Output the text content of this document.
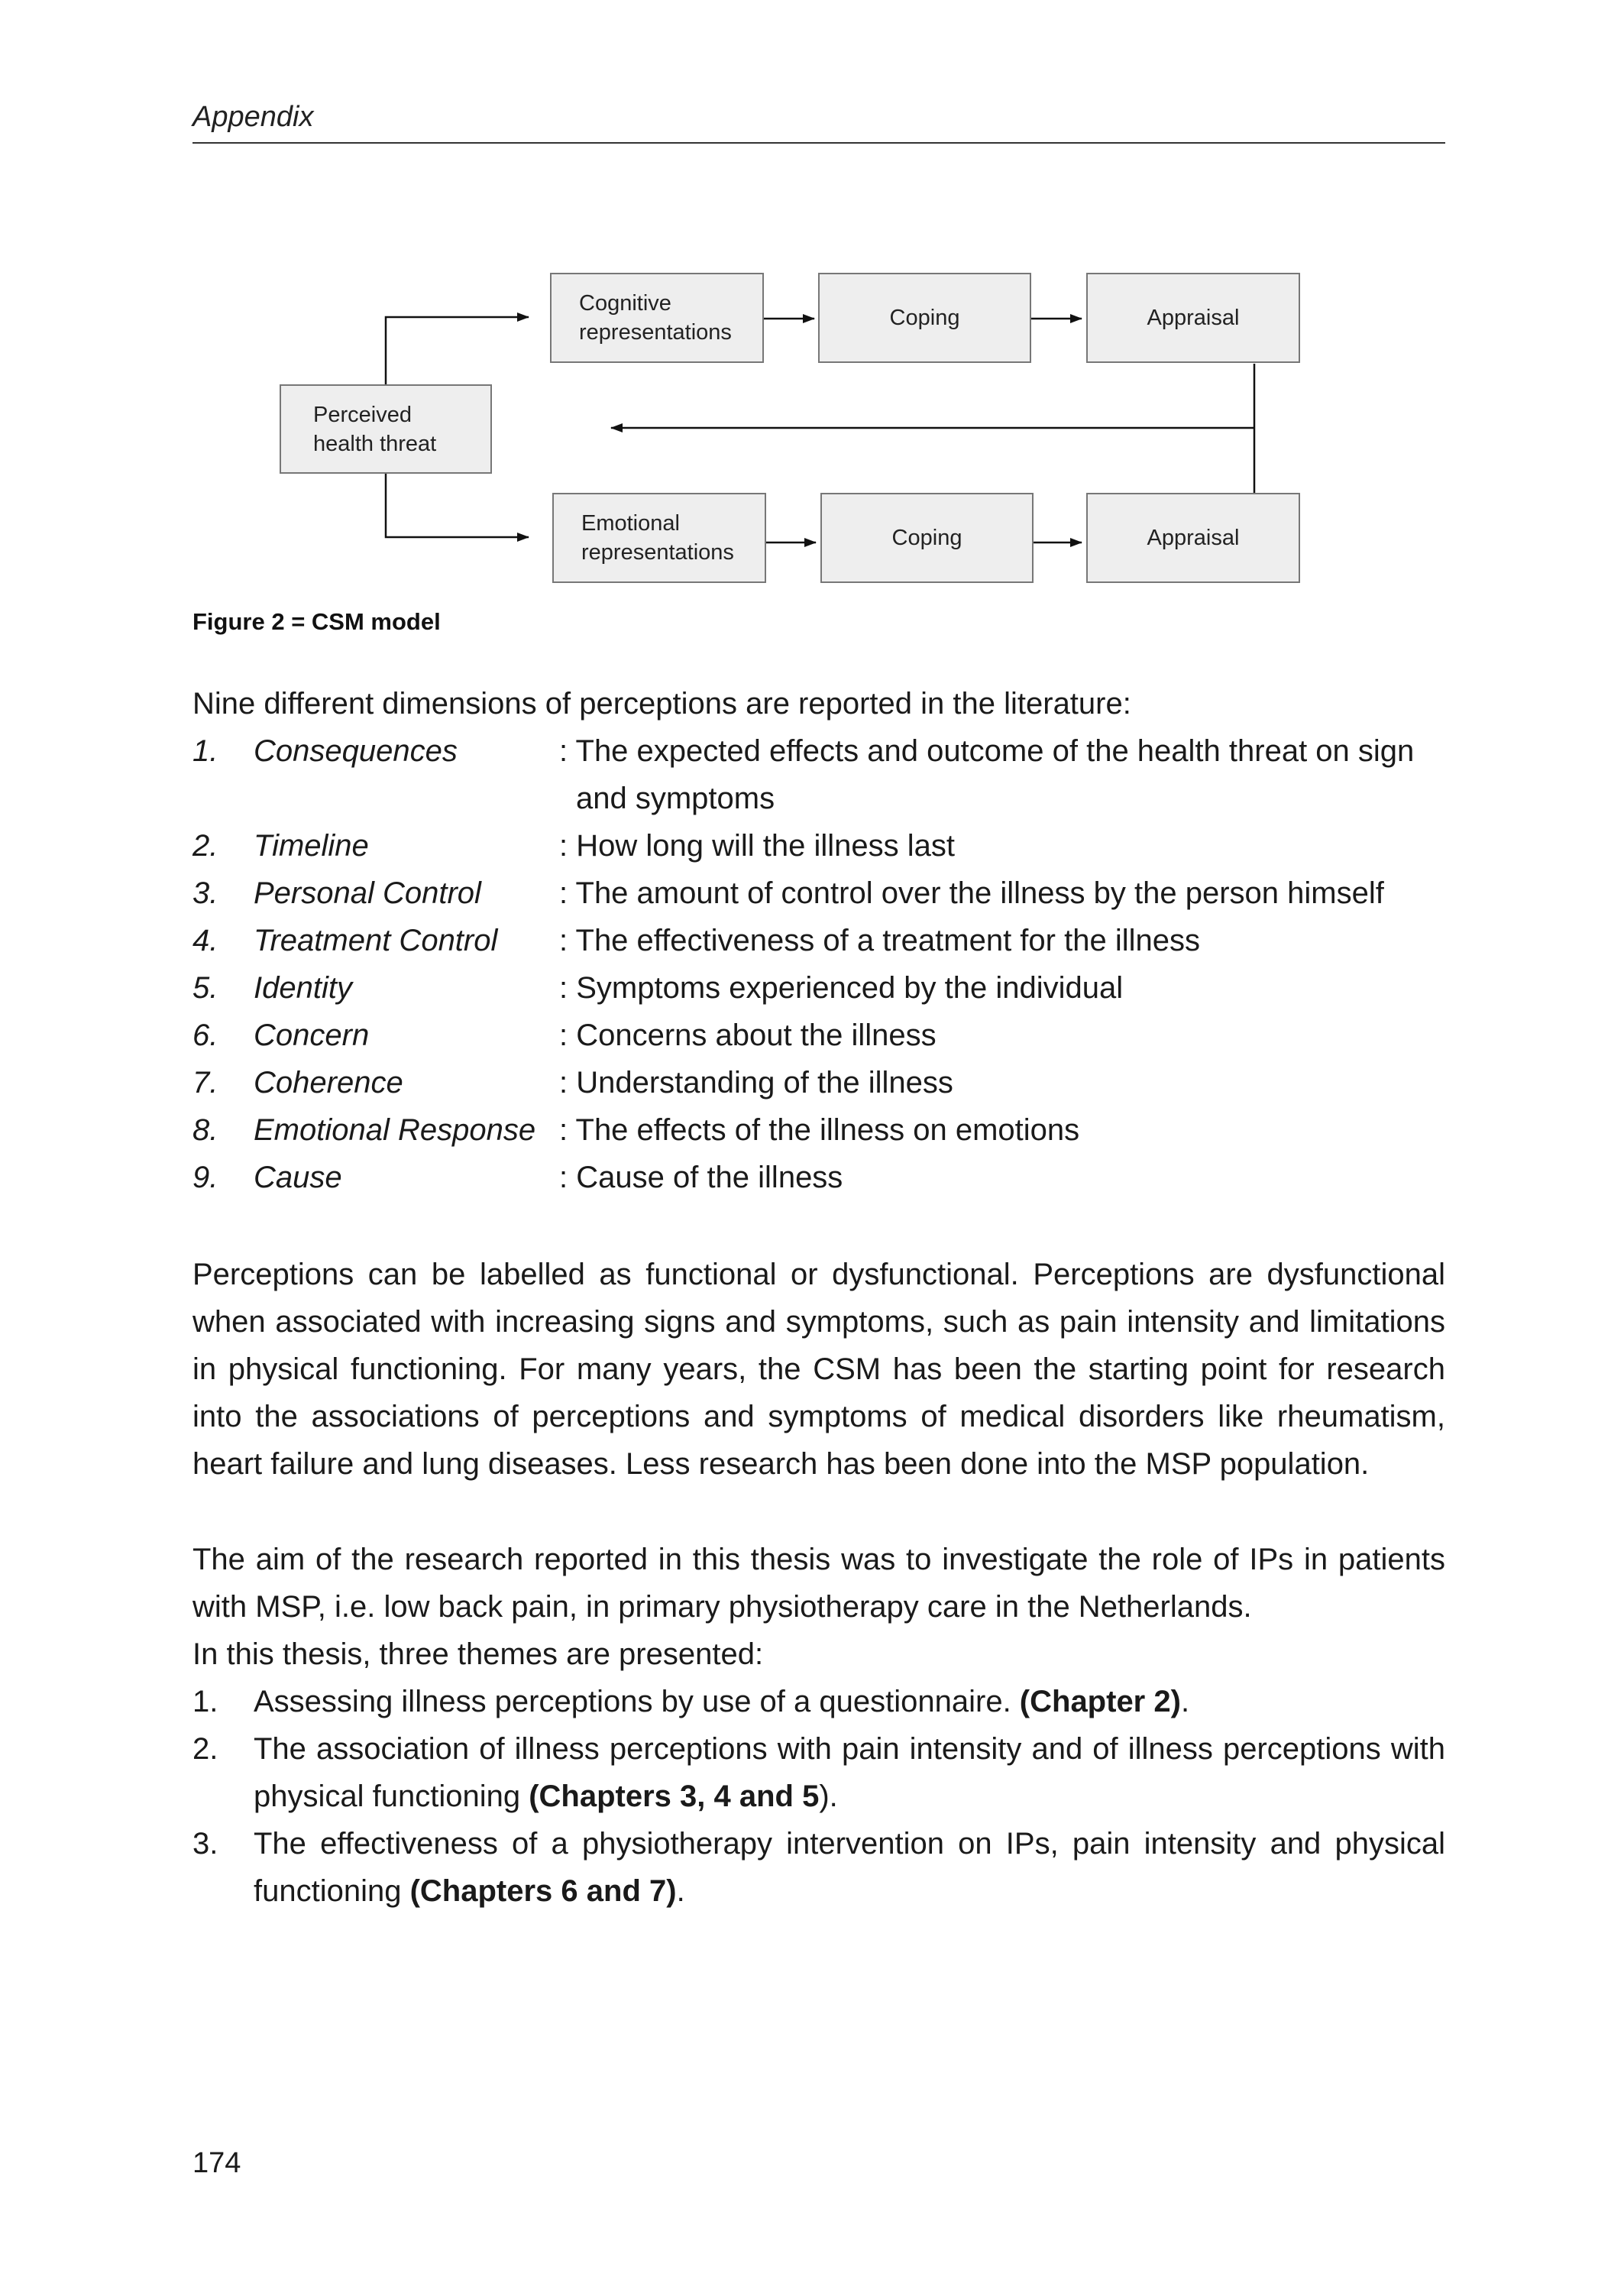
Appendix
Perceived
health threat
Cognitive
representations
Coping	Appraisal
Emotional
representations
Coping	Appraisal
Figure 2 = CSM model
Nine different dimensions of perceptions are reported in the literature:
1. Consequences	: The expected effects and outcome of the health threat on sign
and symptoms
2. Timeline	: How long will the illness last
3. Personal Control	: The amount of control over the illness by the person himself
4. Treatment Control : The effectiveness of a treatment for the illness
5. Identity	: Symptoms experienced by the individual
6. Concern	: Concerns about the illness
7. Coherence	: Understanding of the illness
8. Emotional Response : The effects of the illness on emotions
9. Cause	: Cause of the illness
Perceptions can be labelled as functional or dysfunctional. Perceptions are dysfunctional when associated with increasing signs and symptoms, such as pain intensity and limitations in physical functioning. For many years, the CSM has been the starting point for research into the associations of perceptions and symptoms of medical disorders like rheumatism, heart failure and lung diseases. Less research has been done into the MSP population.
The aim of the research reported in this thesis was to investigate the role of IPs in patients with MSP, i.e. low back pain, in primary physiotherapy care in the Netherlands.
In this thesis, three themes are presented:
1. Assessing illness perceptions by use of a questionnaire. (Chapter 2).
2. The association of illness perceptions with pain intensity and of illness perceptions with
physical functioning (Chapters 3, 4 and 5).
3. The effectiveness of a physiotherapy intervention on IPs, pain intensity and physical
functioning (Chapters 6 and 7).
174
